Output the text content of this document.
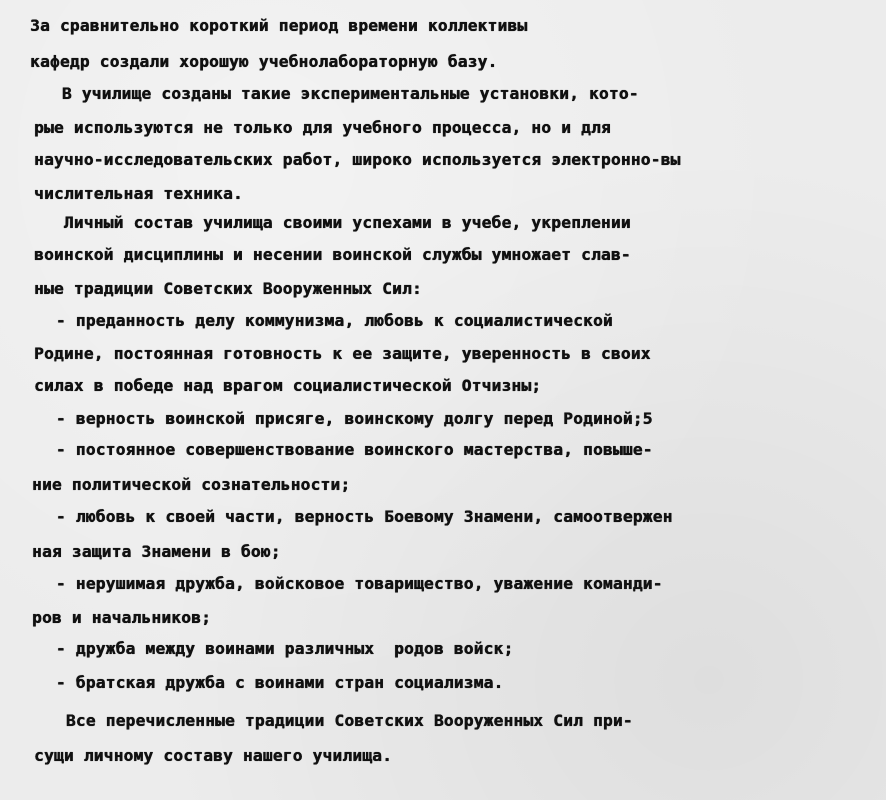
За сравнительно короткий период времени коллективы
кафедр создали хорошую учебнолабораторную базу.
В училище созданы такие экспериментальные установки, кото-
рые используются не только для учебного процесса, но и для
научно-исследовательских работ, широко используется электронно-вы
числительная техника.
Личный состав училища своими успехами в учебе, укреплении
воинской дисциплины и несении воинской службы умножает слав-
ные традиции Советских Вооруженных Сил:
- преданность делу коммунизма, любовь к социалистической
Родине, постоянная готовность к ее защите, уверенность в своих
силах в победе над врагом социалистической Отчизны;
- верность воинской присяге, воинскому долгу перед Родиной;5
- постоянное совершенствование воинского мастерства, повыше-
ние политической сознательности;
- любовь к своей части, верность Боевому Знамени, самоотвержен
ная защита Знамени в бою;
- нерушимая дружба, войсковое товарищество, уважение команди-
ров и начальников;
- дружба между воинами различных  родов войск;
- братская дружба с воинами стран социализма.
Все перечисленные традиции Советских Вооруженных Сил при-
сущи личному составу нашего училища.
